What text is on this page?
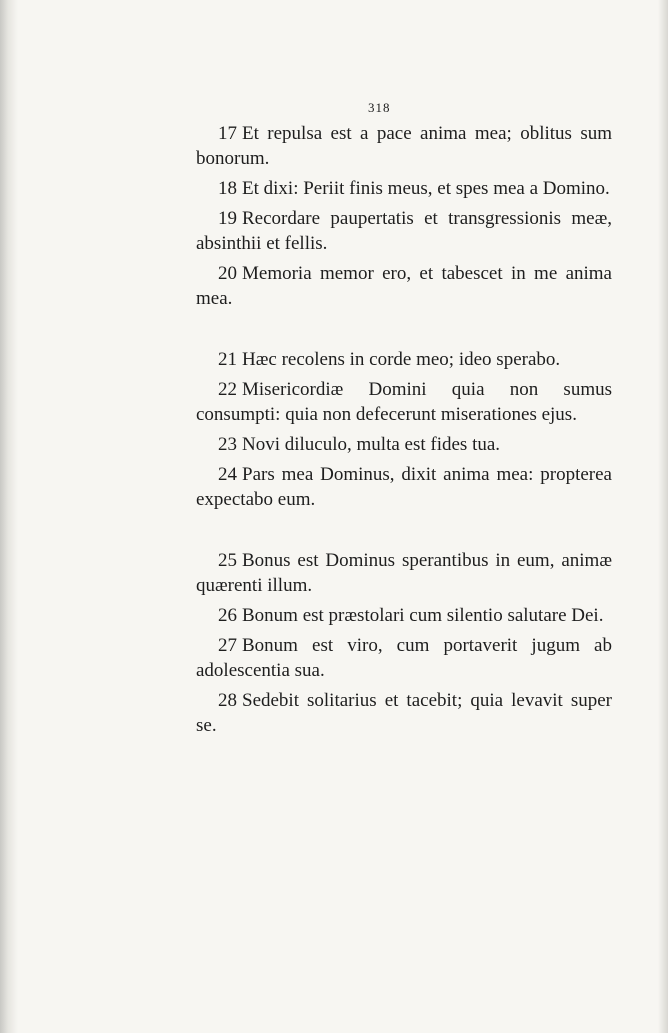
318

17 Et repulsa est a pace anima mea; oblitus sum bonorum.

18 Et dixi: Periit finis meus, et spes mea a Domino.

19 Recordare paupertatis et transgressionis meæ, absinthii et fellis.

20 Memoria memor ero, et tabescet in me anima mea.

21 Hæc recolens in corde meo; ideo sperabo.

22 Misericordiæ Domini quia non sumus consumpti: quia non defecerunt miserationes ejus.

23 Novi diluculo, multa est fides tua.

24 Pars mea Dominus, dixit anima mea: propterea expectabo eum.

25 Bonus est Dominus sperantibus in eum, animæ quærenti illum.

26 Bonum est præstolari cum silentio salutare Dei.

27 Bonum est viro, cum portaverit jugum ab adolescentia sua.

28 Sedebit solitarius et tacebit; quia levavit super se.
